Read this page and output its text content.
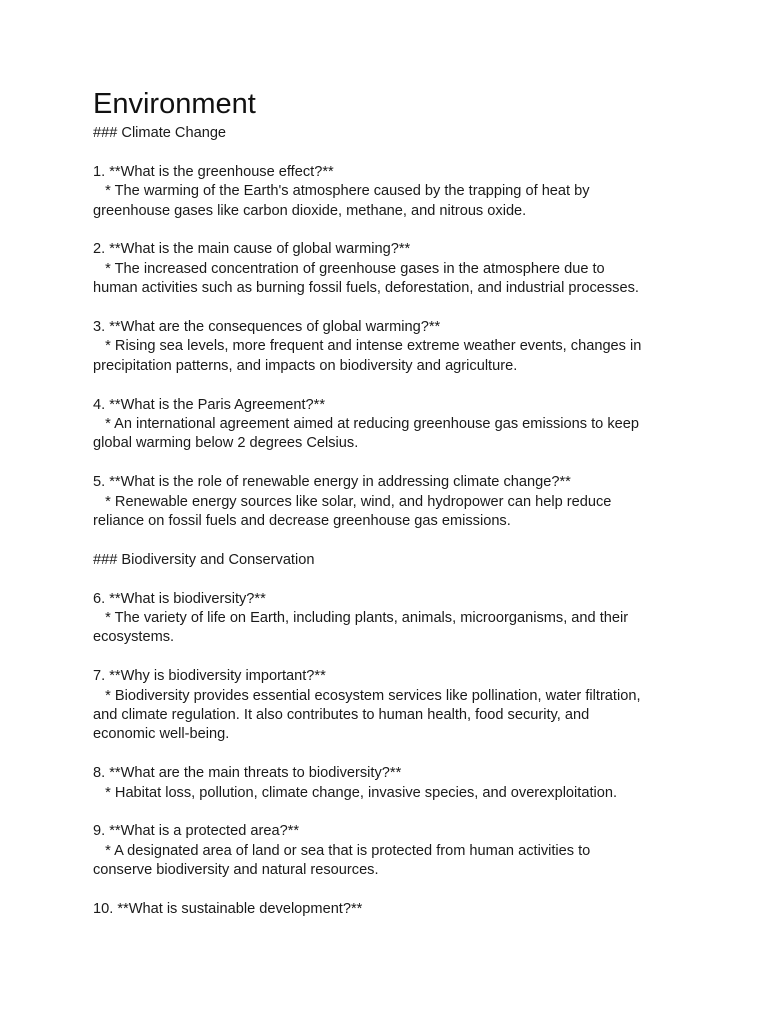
Environment
### Climate Change
1. **What is the greenhouse effect?**
* The warming of the Earth's atmosphere caused by the trapping of heat by
greenhouse gases like carbon dioxide, methane, and nitrous oxide.
2. **What is the main cause of global warming?**
* The increased concentration of greenhouse gases in the atmosphere due to
human activities such as burning fossil fuels, deforestation, and industrial processes.
3. **What are the consequences of global warming?**
* Rising sea levels, more frequent and intense extreme weather events, changes in
precipitation patterns, and impacts on biodiversity and agriculture.
4. **What is the Paris Agreement?**
* An international agreement aimed at reducing greenhouse gas emissions to keep
global warming below 2 degrees Celsius.
5. **What is the role of renewable energy in addressing climate change?**
* Renewable energy sources like solar, wind, and hydropower can help reduce
reliance on fossil fuels and decrease greenhouse gas emissions.
### Biodiversity and Conservation
6. **What is biodiversity?**
* The variety of life on Earth, including plants, animals, microorganisms, and their
ecosystems.
7. **Why is biodiversity important?**
* Biodiversity provides essential ecosystem services like pollination, water filtration,
and climate regulation. It also contributes to human health, food security, and
economic well-being.
8. **What are the main threats to biodiversity?**
* Habitat loss, pollution, climate change, invasive species, and overexploitation.
9. **What is a protected area?**
* A designated area of land or sea that is protected from human activities to
conserve biodiversity and natural resources.
10. **What is sustainable development?**
